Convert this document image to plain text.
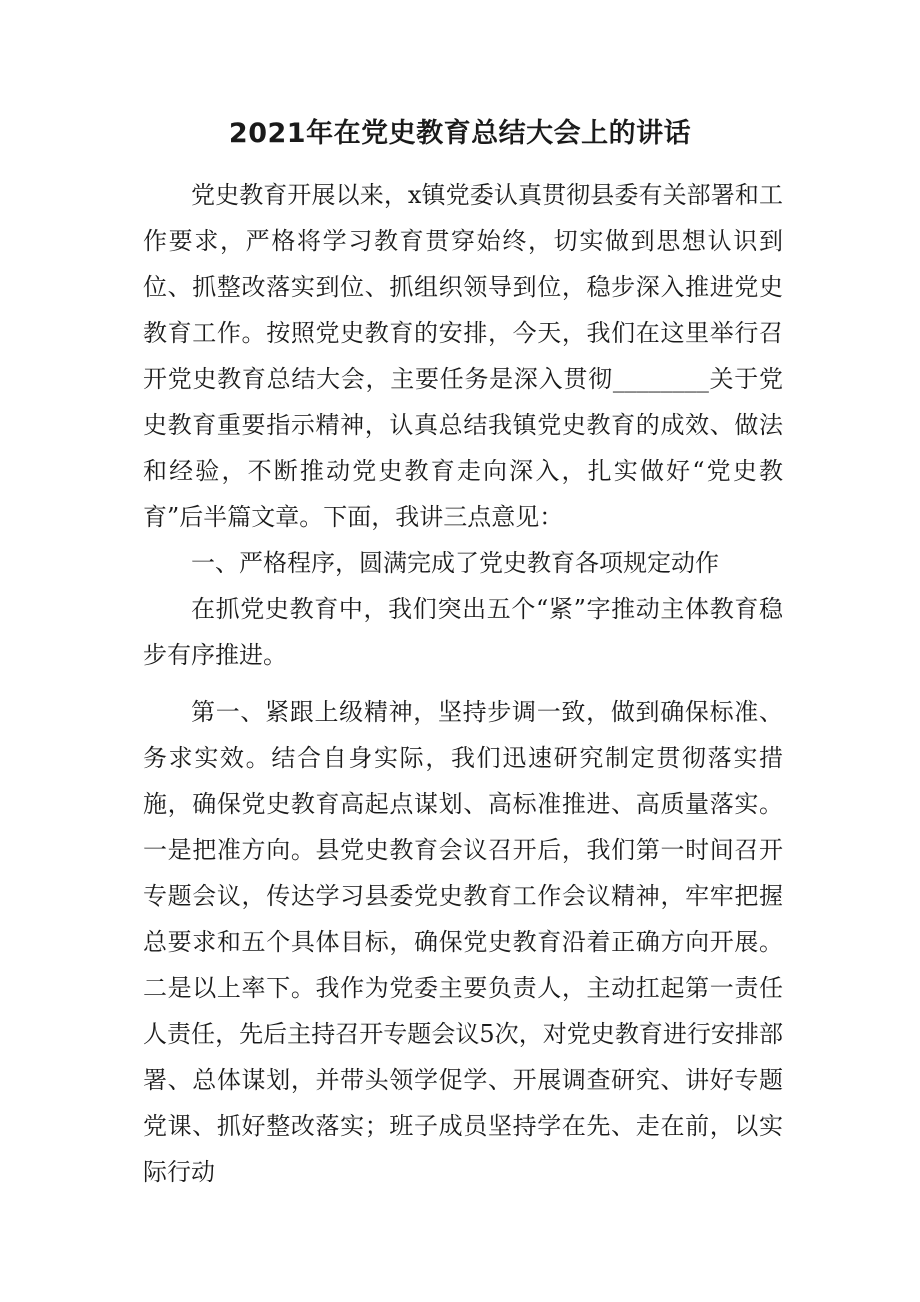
2021年在党史教育总结大会上的讲话

党史教育开展以来，x镇党委认真贯彻县委有关部署和工作要求，严格将学习教育贯穿始终，切实做到思想认识到位、抓整改落实到位、抓组织领导到位，稳步深入推进党史教育工作。按照党史教育的安排，今天，我们在这里举行召开党史教育总结大会，主要任务是深入贯彻________关于党史教育重要指示精神，认真总结我镇党史教育的成效、做法和经验，不断推动党史教育走向深入，扎实做好“党史教育”后半篇文章。下面，我讲三点意见：

一、严格程序，圆满完成了党史教育各项规定动作

在抓党史教育中，我们突出五个“紧”字推动主体教育稳步有序推进。

第一、紧跟上级精神，坚持步调一致，做到确保标准、务求实效。结合自身实际，我们迅速研究制定贯彻落实措施，确保党史教育高起点谋划、高标准推进、高质量落实。一是把准方向。县党史教育会议召开后，我们第一时间召开专题会议，传达学习县委党史教育工作会议精神，牢牢把握总要求和五个具体目标，确保党史教育沿着正确方向开展。二是以上率下。我作为党委主要负责人，主动扛起第一责任人责任，先后主持召开专题会议5次，对党史教育进行安排部署、总体谋划，并带头领学促学、开展调查研究、讲好专题党课、抓好整改落实；班子成员坚持学在先、走在前，以实际行动
